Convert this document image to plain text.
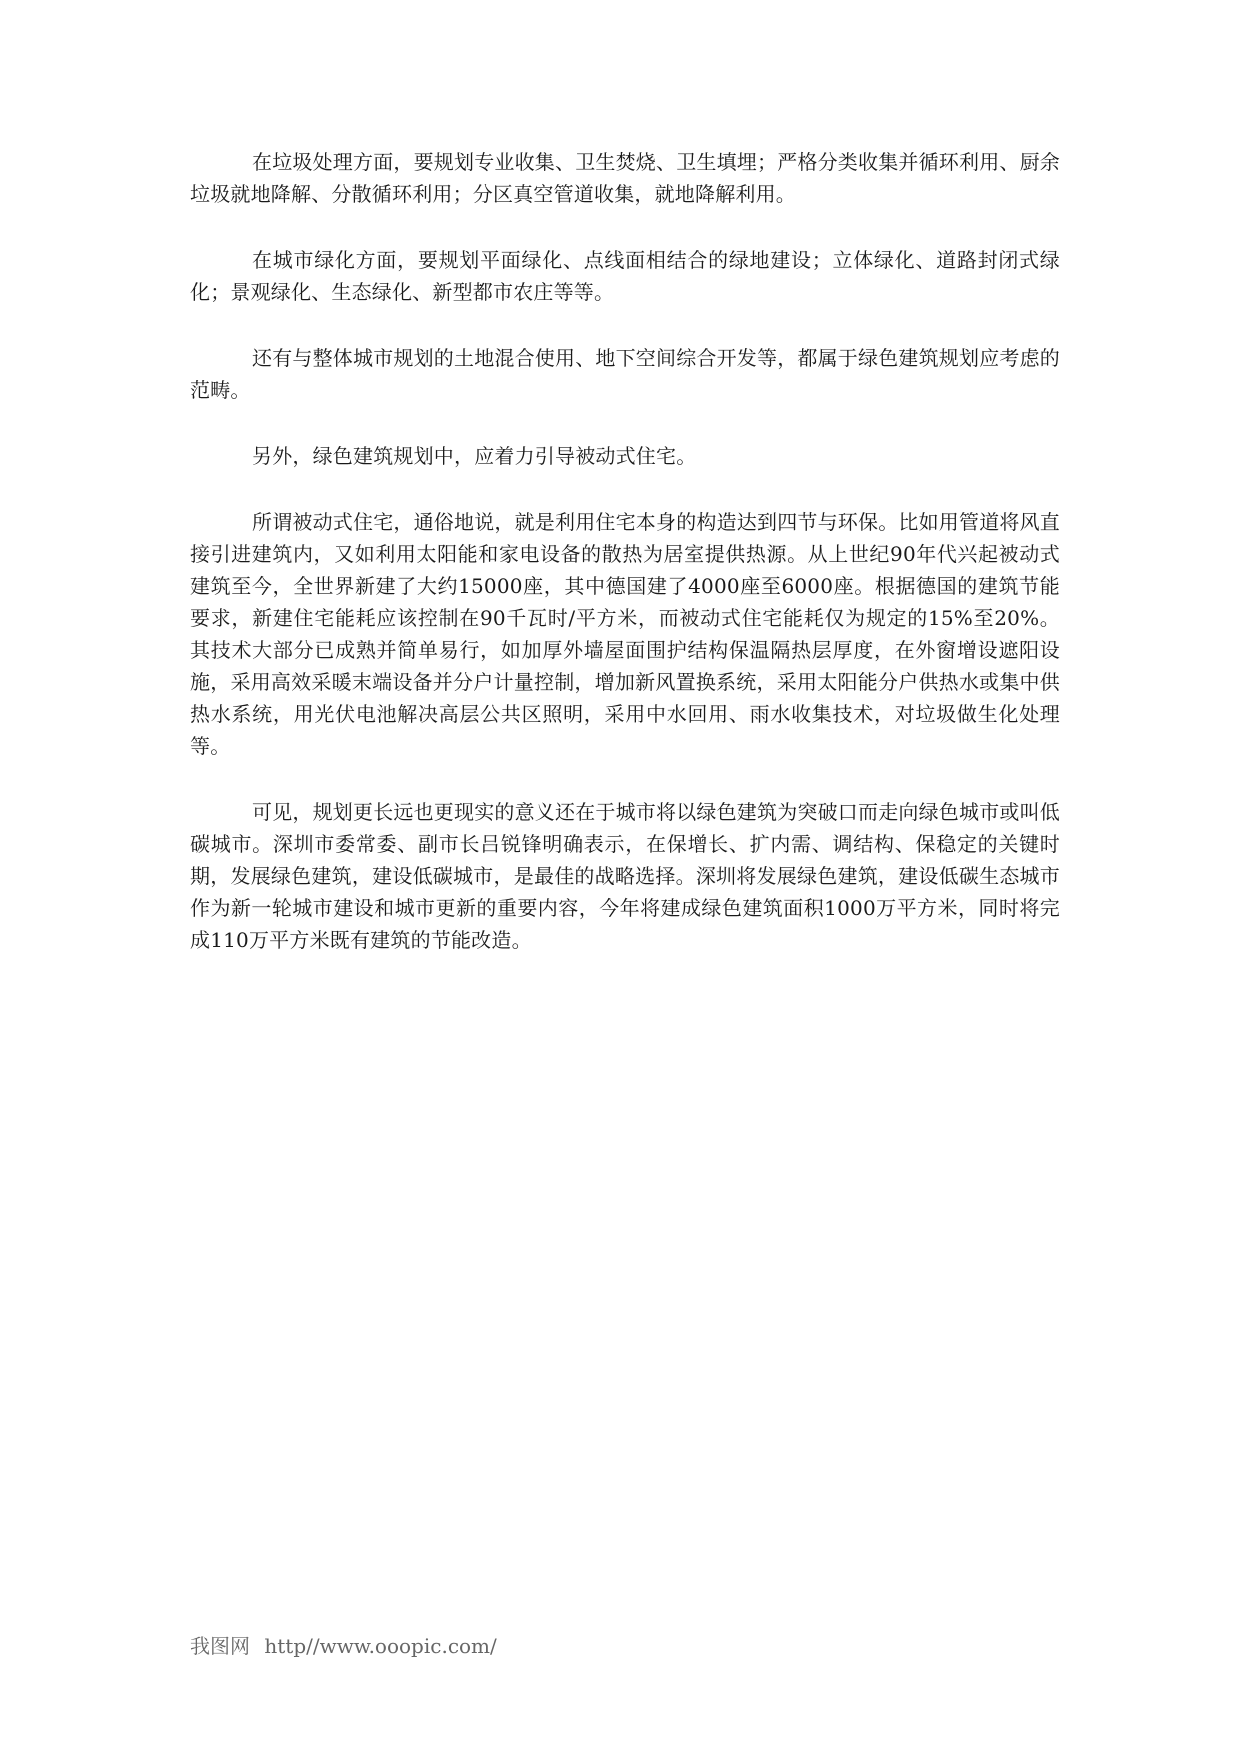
在垃圾处理方面，要规划专业收集、卫生焚烧、卫生填埋；严格分类收集并循环利用、厨余垃圾就地降解、分散循环利用；分区真空管道收集，就地降解利用。

在城市绿化方面，要规划平面绿化、点线面相结合的绿地建设；立体绿化、道路封闭式绿化；景观绿化、生态绿化、新型都市农庄等等。

还有与整体城市规划的土地混合使用、地下空间综合开发等，都属于绿色建筑规划应考虑的范畴。

另外，绿色建筑规划中，应着力引导被动式住宅。

所谓被动式住宅，通俗地说，就是利用住宅本身的构造达到四节与环保。比如用管道将风直接引进建筑内，又如利用太阳能和家电设备的散热为居室提供热源。从上世纪90年代兴起被动式建筑至今，全世界新建了大约15000座，其中德国建了4000座至6000座。根据德国的建筑节能要求，新建住宅能耗应该控制在90千瓦时/平方米，而被动式住宅能耗仅为规定的15%至20%。其技术大部分已成熟并简单易行，如加厚外墙屋面围护结构保温隔热层厚度，在外窗增设遮阳设施，采用高效采暖末端设备并分户计量控制，增加新风置换系统，采用太阳能分户供热水或集中供热水系统，用光伏电池解决高层公共区照明，采用中水回用、雨水收集技术，对垃圾做生化处理等。

可见，规划更长远也更现实的意义还在于城市将以绿色建筑为突破口而走向绿色城市或叫低碳城市。深圳市委常委、副市长吕锐锋明确表示，在保增长、扩内需、调结构、保稳定的关键时期，发展绿色建筑，建设低碳城市，是最佳的战略选择。深圳将发展绿色建筑，建设低碳生态城市作为新一轮城市建设和城市更新的重要内容，今年将建成绿色建筑面积1000万平方米，同时将完成110万平方米既有建筑的节能改造。

我图网 http//www.ooopic.com/
